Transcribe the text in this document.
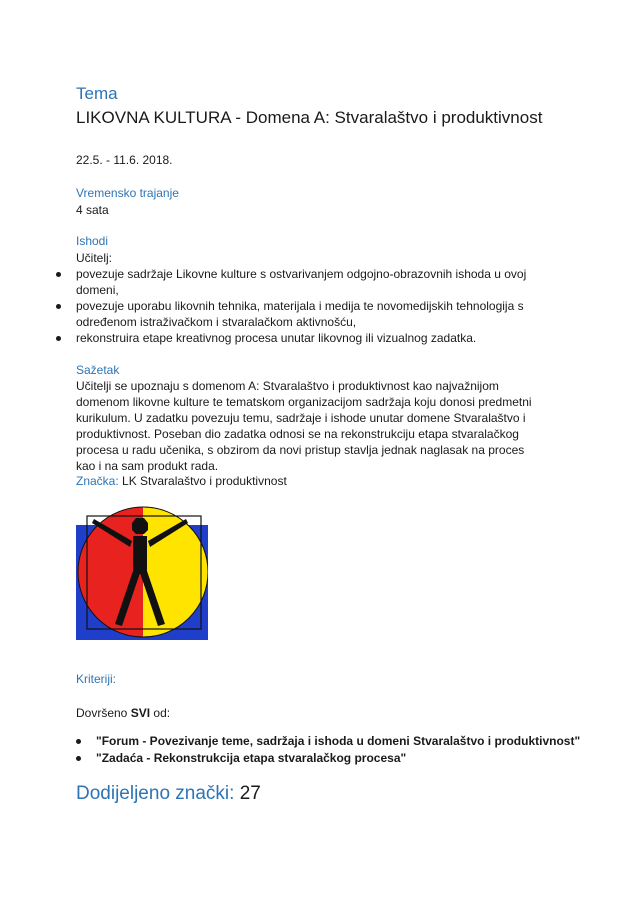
Tema
LIKOVNA KULTURA - Domena A: Stvaralaštvo i produktivnost
22.5. - 11.6. 2018.
Vremensko trajanje
4 sata
Ishodi
Učitelj:
povezuje sadržaje Likovne kulture s ostvarivanjem odgojno-obrazovnih ishoda u ovoj domeni,
povezuje uporabu likovnih tehnika, materijala i medija te novomedijskih tehnologija s određenom istraživačkom i stvaralačkom aktivnošću,
rekonstruira etape kreativnog procesa unutar likovnog ili vizualnog zadatka.
Sažetak
Učitelji se upoznaju s domenom A: Stvaralaštvo i produktivnost kao najvažnijom domenom likovne kulture te tematskom organizacijom sadržaja koju donosi predmetni kurikulum. U zadatku povezuju temu, sadržaje i ishode unutar domene Stvaralaštvo i produktivnost. Poseban dio zadatka odnosi se na rekonstrukciju etapa stvaralačkog procesa u radu učenika, s obzirom da novi pristup stavlja jednak naglasak na proces kao i na sam produkt rada.
Značka: LK Stvaralaštvo i produktivnost
Kriteriji:
Dovršeno SVI od:
"Forum - Povezivanje teme, sadržaja i ishoda u domeni Stvaralaštvo i produktivnost"
"Zadaća - Rekonstrukcija etapa stvaralačkog procesa"
Dodijeljeno znački: 27
